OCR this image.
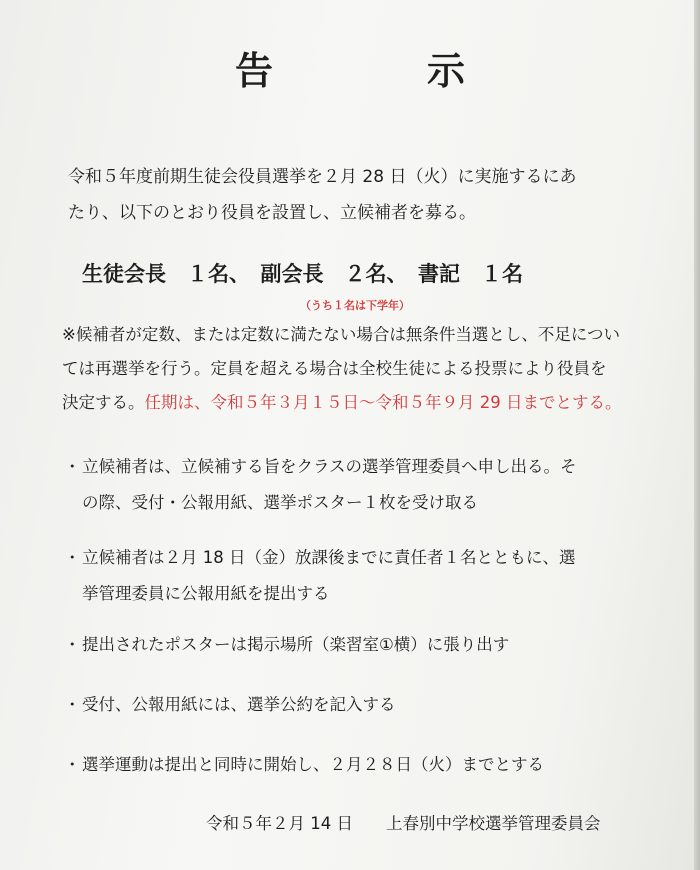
告　示
令和５年度前期生徒会役員選挙を２月 28 日（火）に実施するにあ
たり、以下のとおり役員を設置し、立候補者を募る。
生徒会長　１名、　副会長　２名、　書記　１名
（うち１名は下学年）
※候補者が定数、または定数に満たない場合は無条件当選とし、不足につい
ては再選挙を行う。定員を超える場合は全校生徒による投票により役員を
決定する。任期は、令和５年３月１５日～令和５年９月 29 日までとする。
・立候補者は、立候補する旨をクラスの選挙管理委員へ申し出る。そ
の際、受付・公報用紙、選挙ポスター１枚を受け取る
・立候補者は２月 18 日（金）放課後までに責任者１名とともに、選
挙管理委員に公報用紙を提出する
・提出されたポスターは掲示場所（楽習室①横）に張り出す
・受付、公報用紙には、選挙公約を記入する
・選挙運動は提出と同時に開始し、２月２８日（火）までとする
令和５年２月 14 日　　 上春別中学校選挙管理委員会
